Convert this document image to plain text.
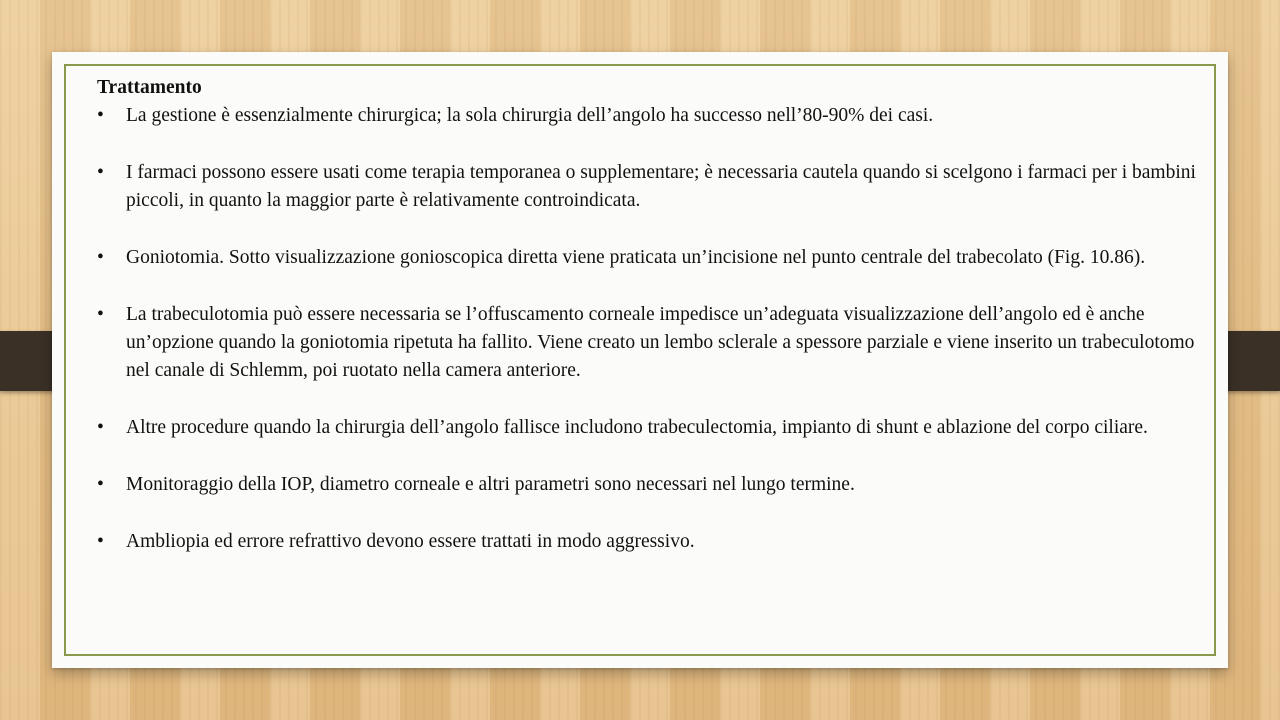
Trattamento

• La gestione è essenzialmente chirurgica; la sola chirurgia dell’angolo ha successo nell’80-90% dei casi.

• I farmaci possono essere usati come terapia temporanea o supplementare; è necessaria cautela quando si scelgono i farmaci per i bambini piccoli, in quanto la maggior parte è relativamente controindicata.

• Goniotomia. Sotto visualizzazione gonioscopica diretta viene praticata un’incisione nel punto centrale del trabecolato (Fig. 10.86).

• La trabeculotomia può essere necessaria se l’offuscamento corneale impedisce un’adeguata visualizzazione dell’angolo ed è anche un’opzione quando la goniotomia ripetuta ha fallito. Viene creato un lembo sclerale a spessore parziale e viene inserito un trabeculotomo nel canale di Schlemm, poi ruotato nella camera anteriore.

• Altre procedure quando la chirurgia dell’angolo fallisce includono trabeculectomia, impianto di shunt e ablazione del corpo ciliare.

• Monitoraggio della IOP, diametro corneale e altri parametri sono necessari nel lungo termine.

• Ambliopia ed errore refrattivo devono essere trattati in modo aggressivo.
